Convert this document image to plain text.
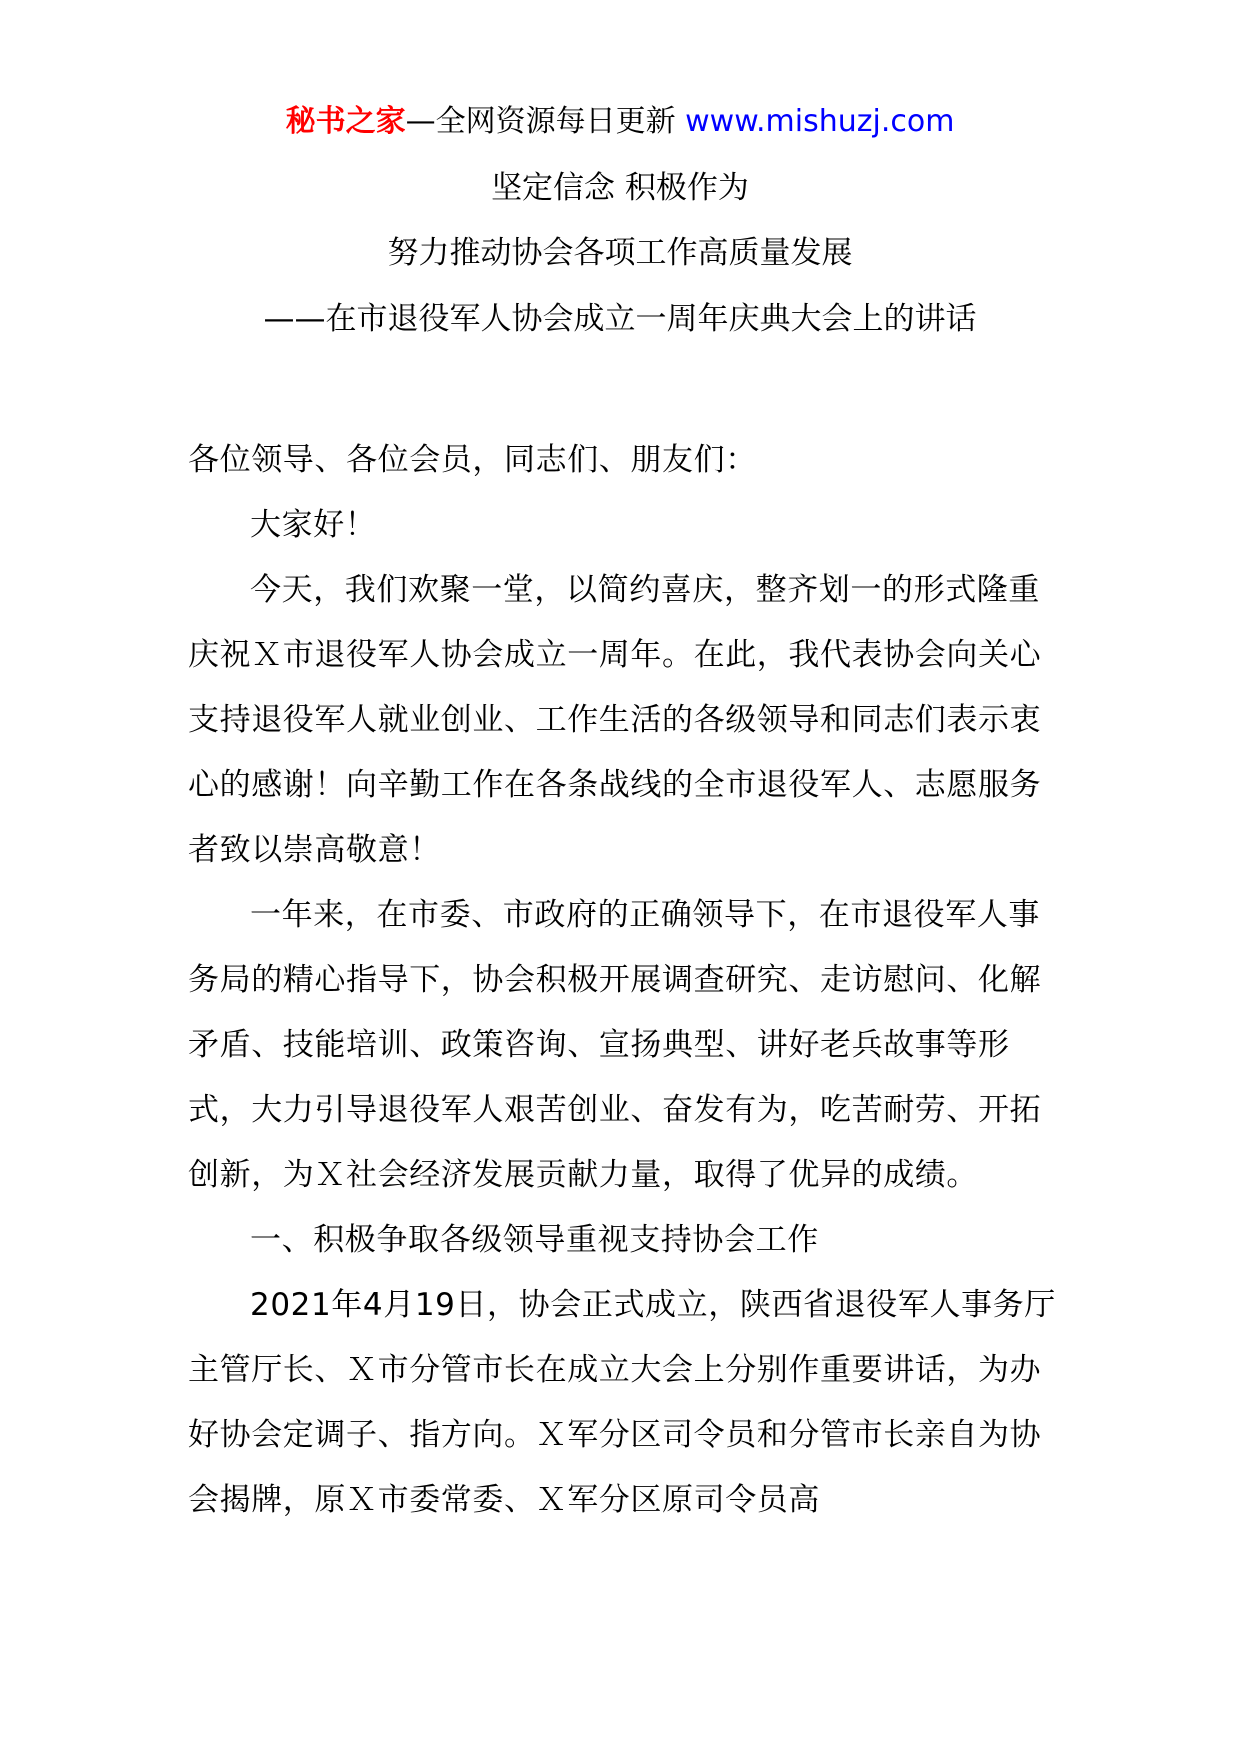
秘书之家—全网资源每日更新 www.mishuzj.com
坚定信念 积极作为
努力推动协会各项工作高质量发展
——在市退役军人协会成立一周年庆典大会上的讲话

各位领导、各位会员，同志们、朋友们：

大家好！

今天，我们欢聚一堂，以简约喜庆，整齐划一的形式隆重庆祝Ｘ市退役军人协会成立一周年。在此，我代表协会向关心支持退役军人就业创业、工作生活的各级领导和同志们表示衷心的感谢！向辛勤工作在各条战线的全市退役军人、志愿服务者致以崇高敬意！

一年来，在市委、市政府的正确领导下，在市退役军人事务局的精心指导下，协会积极开展调查研究、走访慰问、化解矛盾、技能培训、政策咨询、宣扬典型、讲好老兵故事等形式，大力引导退役军人艰苦创业、奋发有为，吃苦耐劳、开拓创新，为Ｘ社会经济发展贡献力量，取得了优异的成绩。

一、积极争取各级领导重视支持协会工作

2021年4月19日，协会正式成立，陕西省退役军人事务厅主管厅长、Ｘ市分管市长在成立大会上分别作重要讲话，为办好协会定调子、指方向。Ｘ军分区司令员和分管市长亲自为协会揭牌，原Ｘ市委常委、Ｘ军分区原司令员高
